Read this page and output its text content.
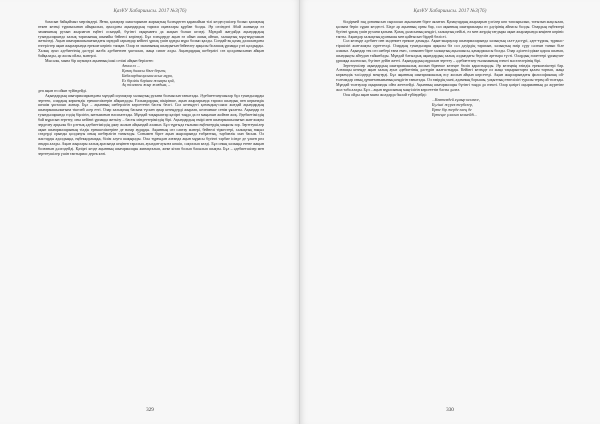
ҚазҰУ Хабаршысы. 2017 №3(76)

базасын байқаймыз мерзімдері. Яғни, қазақтар шаштарынан жарықтың бәлеңдеген қарапайым тілі кездесушілер болып қазақтың өткен кезеңі тұрмысынан айырылып, ауылдағы ақындардың тарихи оқиғалары құрбан болды. Әр сөзіндегі Абай жанында өз заманының рухын жырлаған еңбегі осындай, бүгінгі оқырманға да жақын болып келеді. Мұндай жағдайда ақындардың туындыларында халық тарихының шынайы бейнесі көрінеді. Бұл өлеңдерде ақын өз ойын ашық айтып, халықтың мұң-мұқтажын жеткізеді. Ақын шығармашылығындағы мұндай сарындар кейінгі ұрпақ үшін құнды мұра болып қалды. Сондай-ақ қазақ даласындағы өзгерістер ақын жырларында ерекше көрініс тапқан. Олар өз заманының шындығын бейнелеу арқылы болашақ ұрпаққа үлгі қалдырды. Халық ауыз әдебиетінің дәстүрі жазба әдебиетпен ұштасып, жаңа сипат алды. Ақындардың шеберлігі сөз қолданысынан айқын байқалады, әр жолы ойлы, мәнерлі.

Мысалы, мына бір шумақта ақынның ішкі сезімі айқын берілген:

Атам ел ...
Қазақ даласы бізге берген,
Бабалардан қалған асыл мұра,
Ел бірлігін бәрінен жоғары қой,
Ақ тілекпен жыр жаздым, –

деп ақын өз ойын түйіндейді.

Ақындардың шығармаларындағы мұндай шумақтар халықтың рухани болмысын танытады. Әдебиеттанушылар бұл туындыларды зерттеп, олардың көркемдік ерекшеліктерін айқындады. Ғалымдардың пікірінше, ақын жырларында тарихи шындық пен көркемдік шешім ұштасып жатыр. Бұл – ақынның шеберлігін көрсететін басты белгі. Сол кезеңдегі қоғамдық-саяси жағдай ақындардың шығармашылығына тікелей әсер етті. Олар халықтың басына түскен ауыр кезеңдерді жырлап, келешекке сенім ұялатты. Ақындар өз туындыларында елдің бірлігін, ынтымағын насихаттады. Мұндай тақырыптар қазіргі таңда да өз маңызын жойған жоқ. Әдебиетіміздің бай мұрасын зерттеу, оны кейінгі ұрпаққа жеткізу – басты міндеттеріміздің бірі. Ақындардың өмірі мен шығармашылығын жан-жақты зерделеу арқылы біз ұлттық әдебиетіміздің даму жолын айқындай аламыз. Бұл тұрғыда ғылыми еңбектердің маңызы зор. Зерттеушілер ақын шығармаларының тілдік ерекшеліктеріне де назар аударды. Ақынның сөз саптау мәнері, бейнелі тіркестері, халықтық нақыл сөздерді орынды қолдануы оның шеберлігін танытады. Сонымен бірге ақын жырларында ғибраттық, тәрбиелік мән басым. Ол жастарды адалдыққа, еңбекқорлыққа, білім алуға шақырады. Осы тұрғыдан алғанда ақын мұрасы бүгінгі тәрбие ісінде де үлкен рөл атқара алады. Ақын жырлары халық арасында кеңінен таралып, ауыздан-ауызға көшіп, сақталып келді. Бұл оның халыққа етене жақын болғанын дәлелдейді. Қазіргі кезде ақынның шығармалары жинақталып, жеке кітап болып басылып шықты. Бұл – әдебиетшілер мен зерттеушілер үшін таптырмас дерек көзі.

329
ҚазҰУ Хабаршысы. 2017 №3(76)

білдірмей заң донанысын сырласып ақылымен бірге аялаған. Қазақтардың жырларын үлгілер көп тапсырылып, тоғызын жақсылап, қолына беріп сұрап кездесті. Бізде әр ақынның орны бар, сол ақынның шығармалары өз дәуірінің айнасы болды. Олардың еңбектері бүгінгі ұрпақ үшін рухани қазына. Қазақ даласының кеңдігі, халықтың пейілі, ел мен жердің тағдыры ақын жырларында кеңінен көрініс тапты. Ақындар халықтың қуанышы мен қайғысын бірдей бөлісті.

Сол кезеңде әдебиет пен мәдениет ерекше дамыды. Ақын-жыраулар шығармаларында халықтың салт-дәстүрі, әдет-ғұрпы, тұрмыс-тіршілігі жан-жақты суреттелді. Олардың туындылары арқылы біз сол дәуірдің тарихын, халықтың өмір сүру салтын танып біле аламыз. Ақындар тек сөз шебері ғана емес, сонымен бірге халықтың ақылшысы, қамқоршысы болды. Олар әділетсіздікке қарсы шығып, шындықты айтудан тайынбады. Мұндай батылдық ақындардың халық алдындағы беделін арттыра түсті. Олардың өсиеттері ұрпақтан-ұрпаққа жалғасып, бүгінге дейін жетті. Ақындардың мұрасын зерттеу – әдебиеттану ғылымының өзекті мәселелерінің бірі.

Зерттеушілер ақындардың шығармашылық жолын бірнеше кезеңге бөліп қарастырады. Әр кезеңнің өзіндік ерекшеліктері бар. Алғашқы кезеңде ақын халық ауыз әдебиетінің дәстүрін жалғастырды. Кейінгі кезеңде ол жаңа тақырыптарға қалам тартып, жаңа көркемдік тәсілдерді меңгерді. Бұл ақынның шығармашылық өсу жолын айқын көрсетеді. Ақын жырларындағы философиялық ой-толғамдар оның дүниетанымының кеңдігін танытады. Ол өмірдің мәні, адамның борышы, уақыттың өтпелілігі туралы терең ой толғады. Мұндай толғаулар оқырманды ойға жетелейді. Ақынның шығармалары бүгінгі таңда да өзекті. Олар қазіргі оқырманның да жүрегіне жол таба алады. Бұл – ақын мұрасының мәңгілігін көрсететін басты дәлел.

Осы ойды ақын мына жолдарда былай түйіндейді:

...Көктемдей ғұмыр келмесе,
Бүгінгі жүрек тербелер,
Ерте бір жерде өлең де
Ертеңге ұласып келмейді...
330
